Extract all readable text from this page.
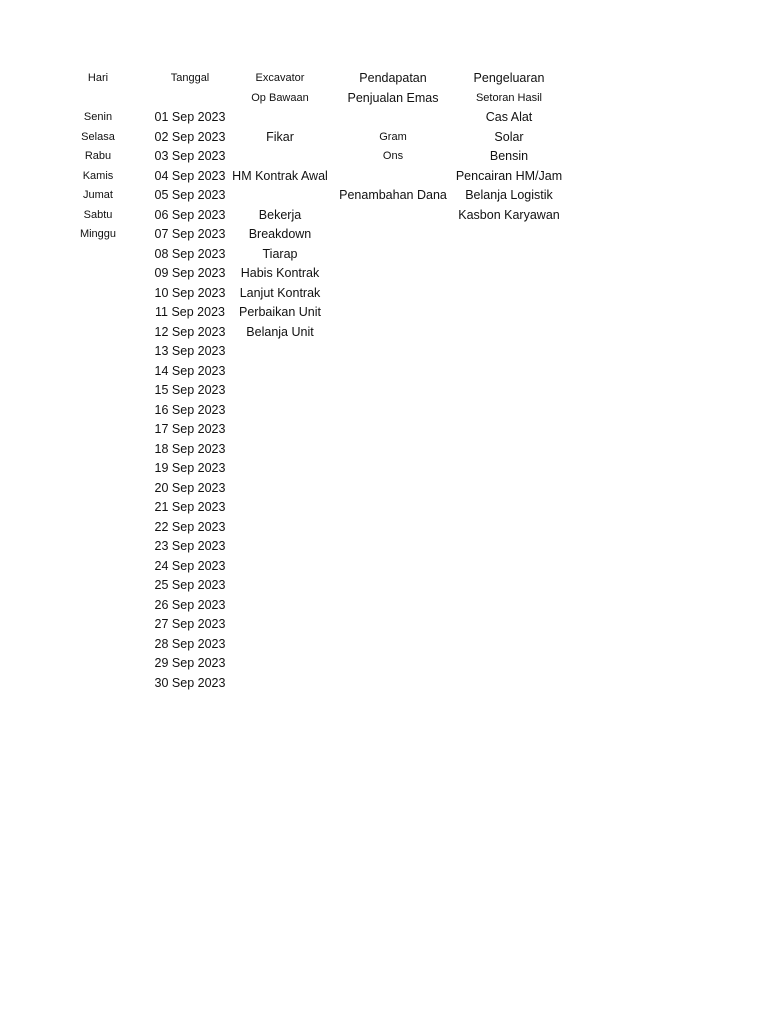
Hari
Senin
Selasa
Rabu
Kamis
Jumat
Sabtu
Minggu
Tanggal
01 Sep 2023
02 Sep 2023
03 Sep 2023
04 Sep 2023
05 Sep 2023
06 Sep 2023
07 Sep 2023
08 Sep 2023
09 Sep 2023
10 Sep 2023
11 Sep 2023
12 Sep 2023
13 Sep 2023
14 Sep 2023
15 Sep 2023
16 Sep 2023
17 Sep 2023
18 Sep 2023
19 Sep 2023
20 Sep 2023
21 Sep 2023
22 Sep 2023
23 Sep 2023
24 Sep 2023
25 Sep 2023
26 Sep 2023
27 Sep 2023
28 Sep 2023
29 Sep 2023
30 Sep 2023
Excavator
Op Bawaan
Fikar
HM Kontrak Awal
Bekerja
Breakdown
Tiarap
Habis Kontrak
Lanjut Kontrak
Perbaikan Unit
Belanja Unit
Pendapatan
Penjualan Emas
Gram
Ons
Penambahan Dana
Pengeluaran
Setoran Hasil
Cas Alat
Solar
Bensin
Pencairan HM/Jam
Belanja Logistik
Kasbon Karyawan
